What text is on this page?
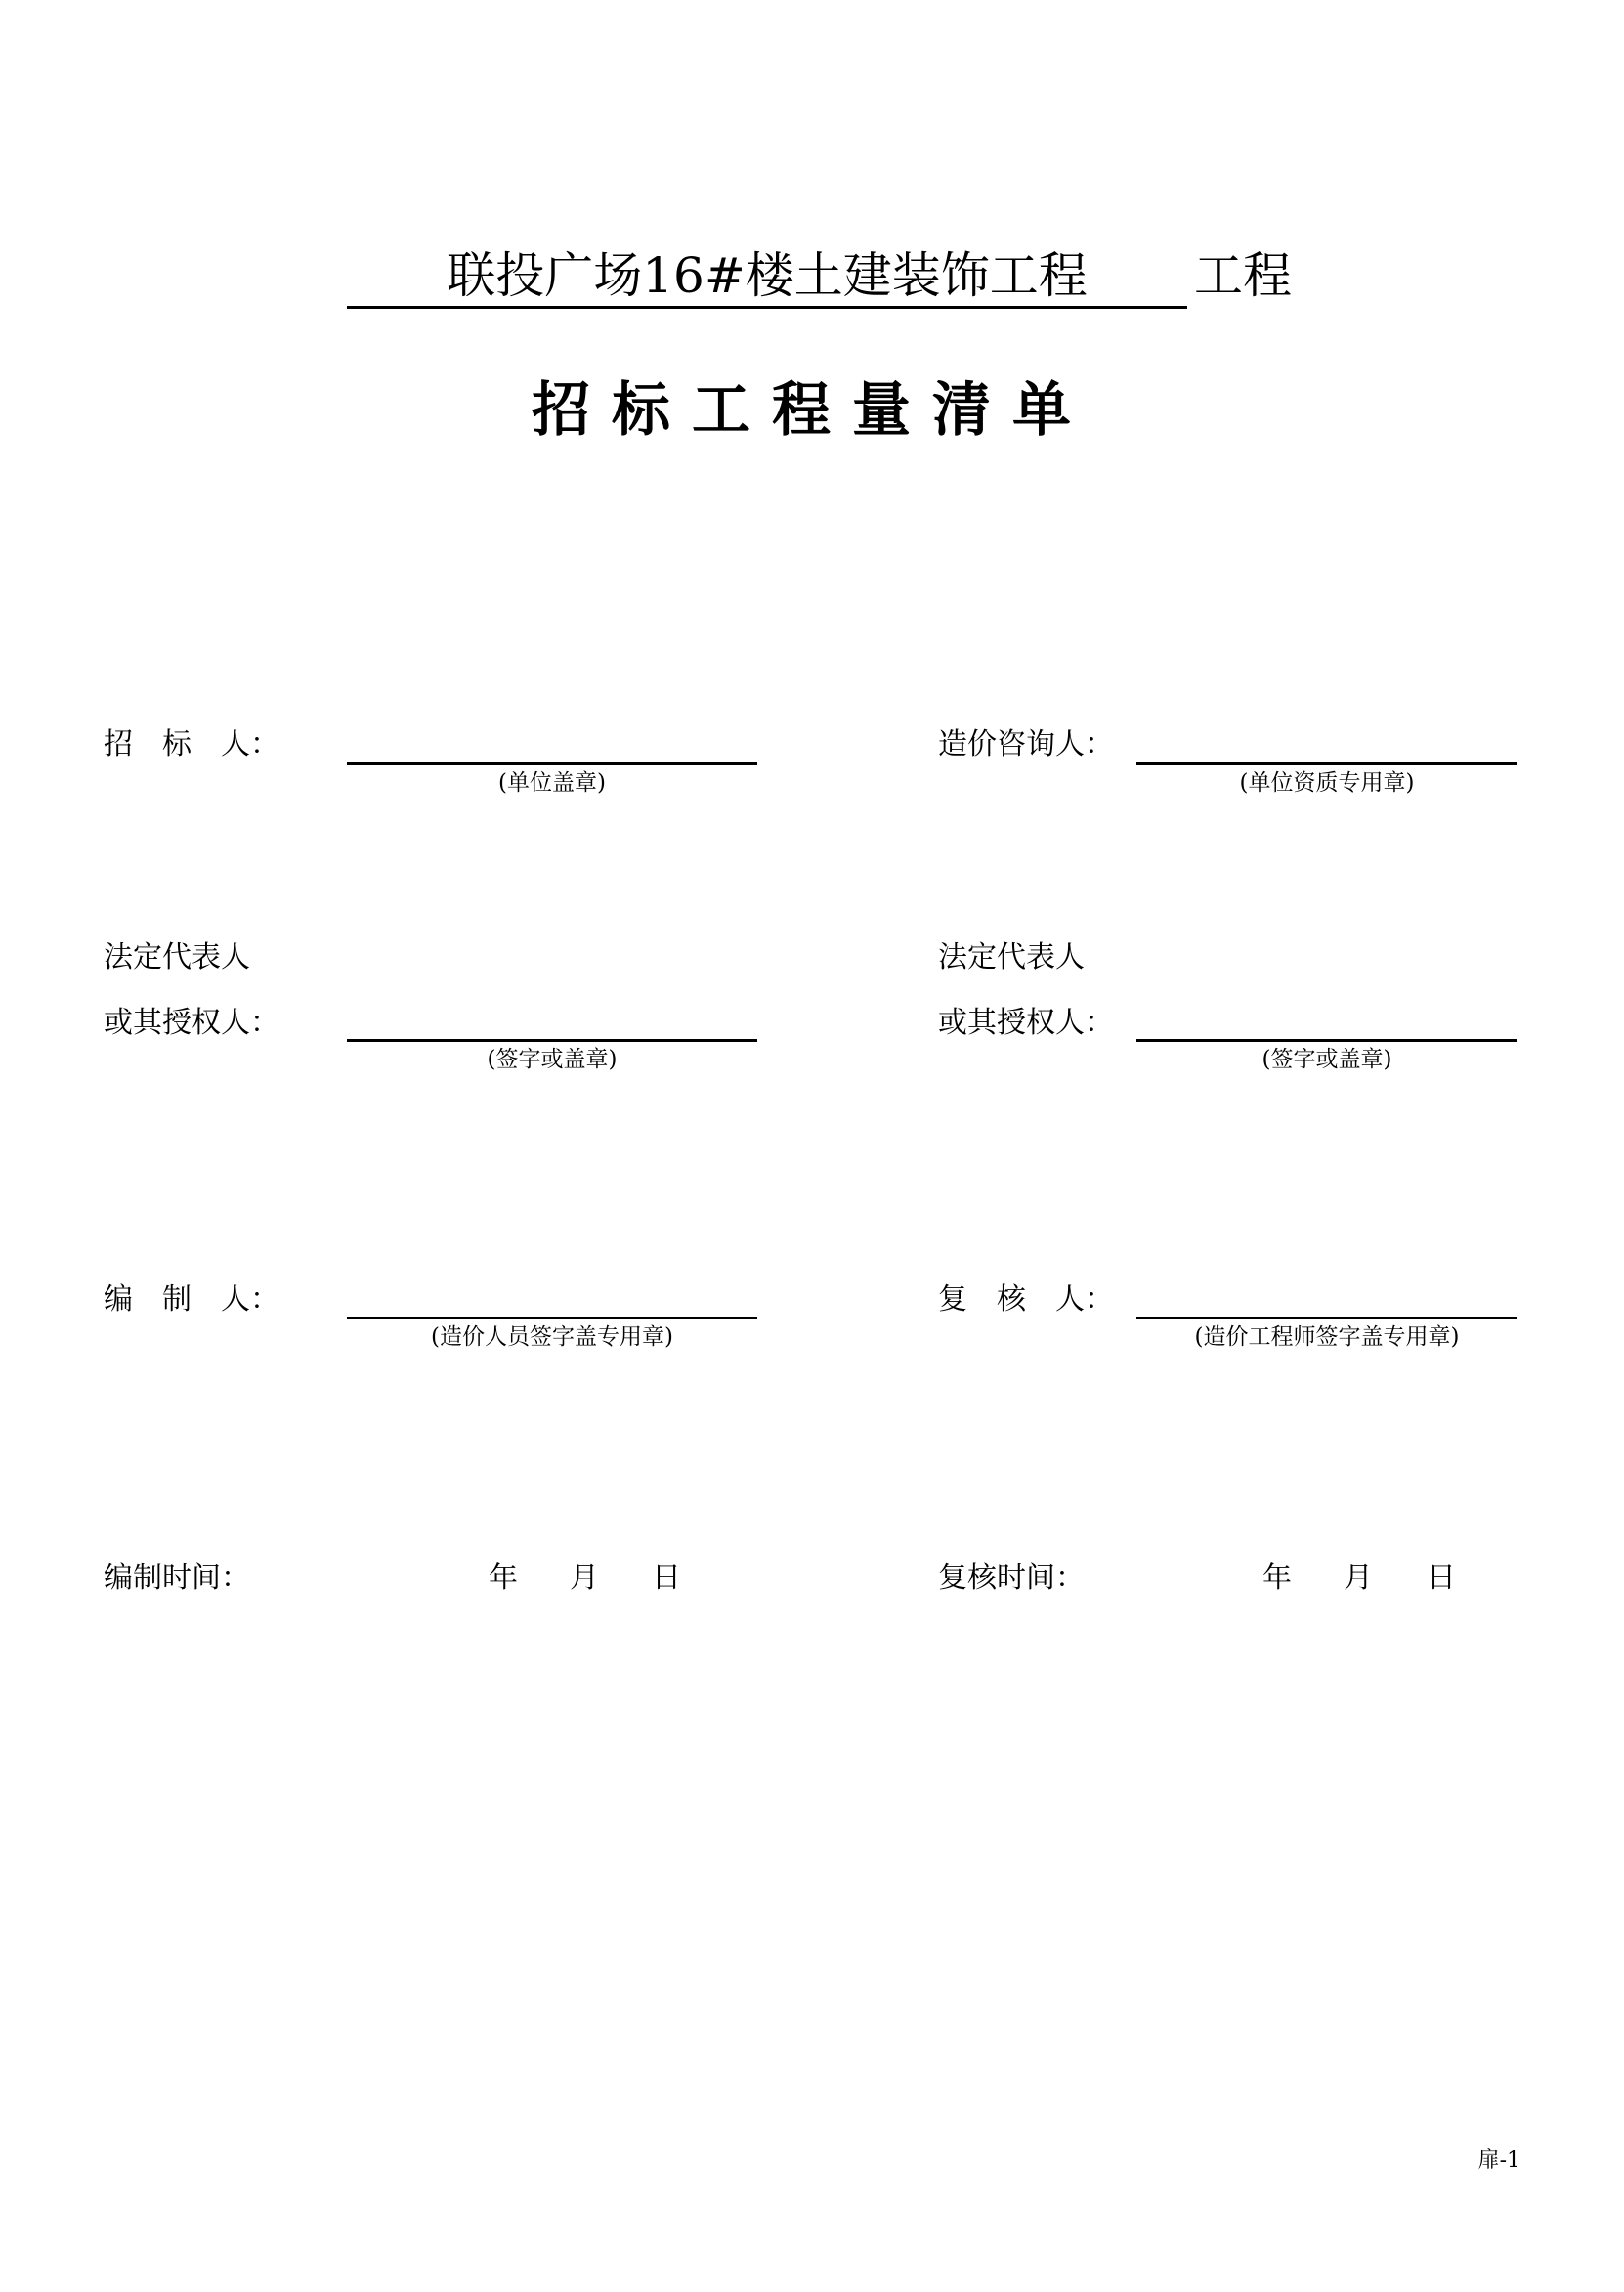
联投广场16#楼土建装饰工程	工程
招标工程量清单
招　标　人：
(单位盖章)
造价咨询人：
(单位资质专用章)
法定代表人
或其授权人：
(签字或盖章)
法定代表人
或其授权人：
(签字或盖章)
编　制　人：
(造价人员签字盖专用章)
复　核　人：
(造价工程师签字盖专用章)
编制时间：	年 月 日	复核时间：	年 月 日
扉-1
